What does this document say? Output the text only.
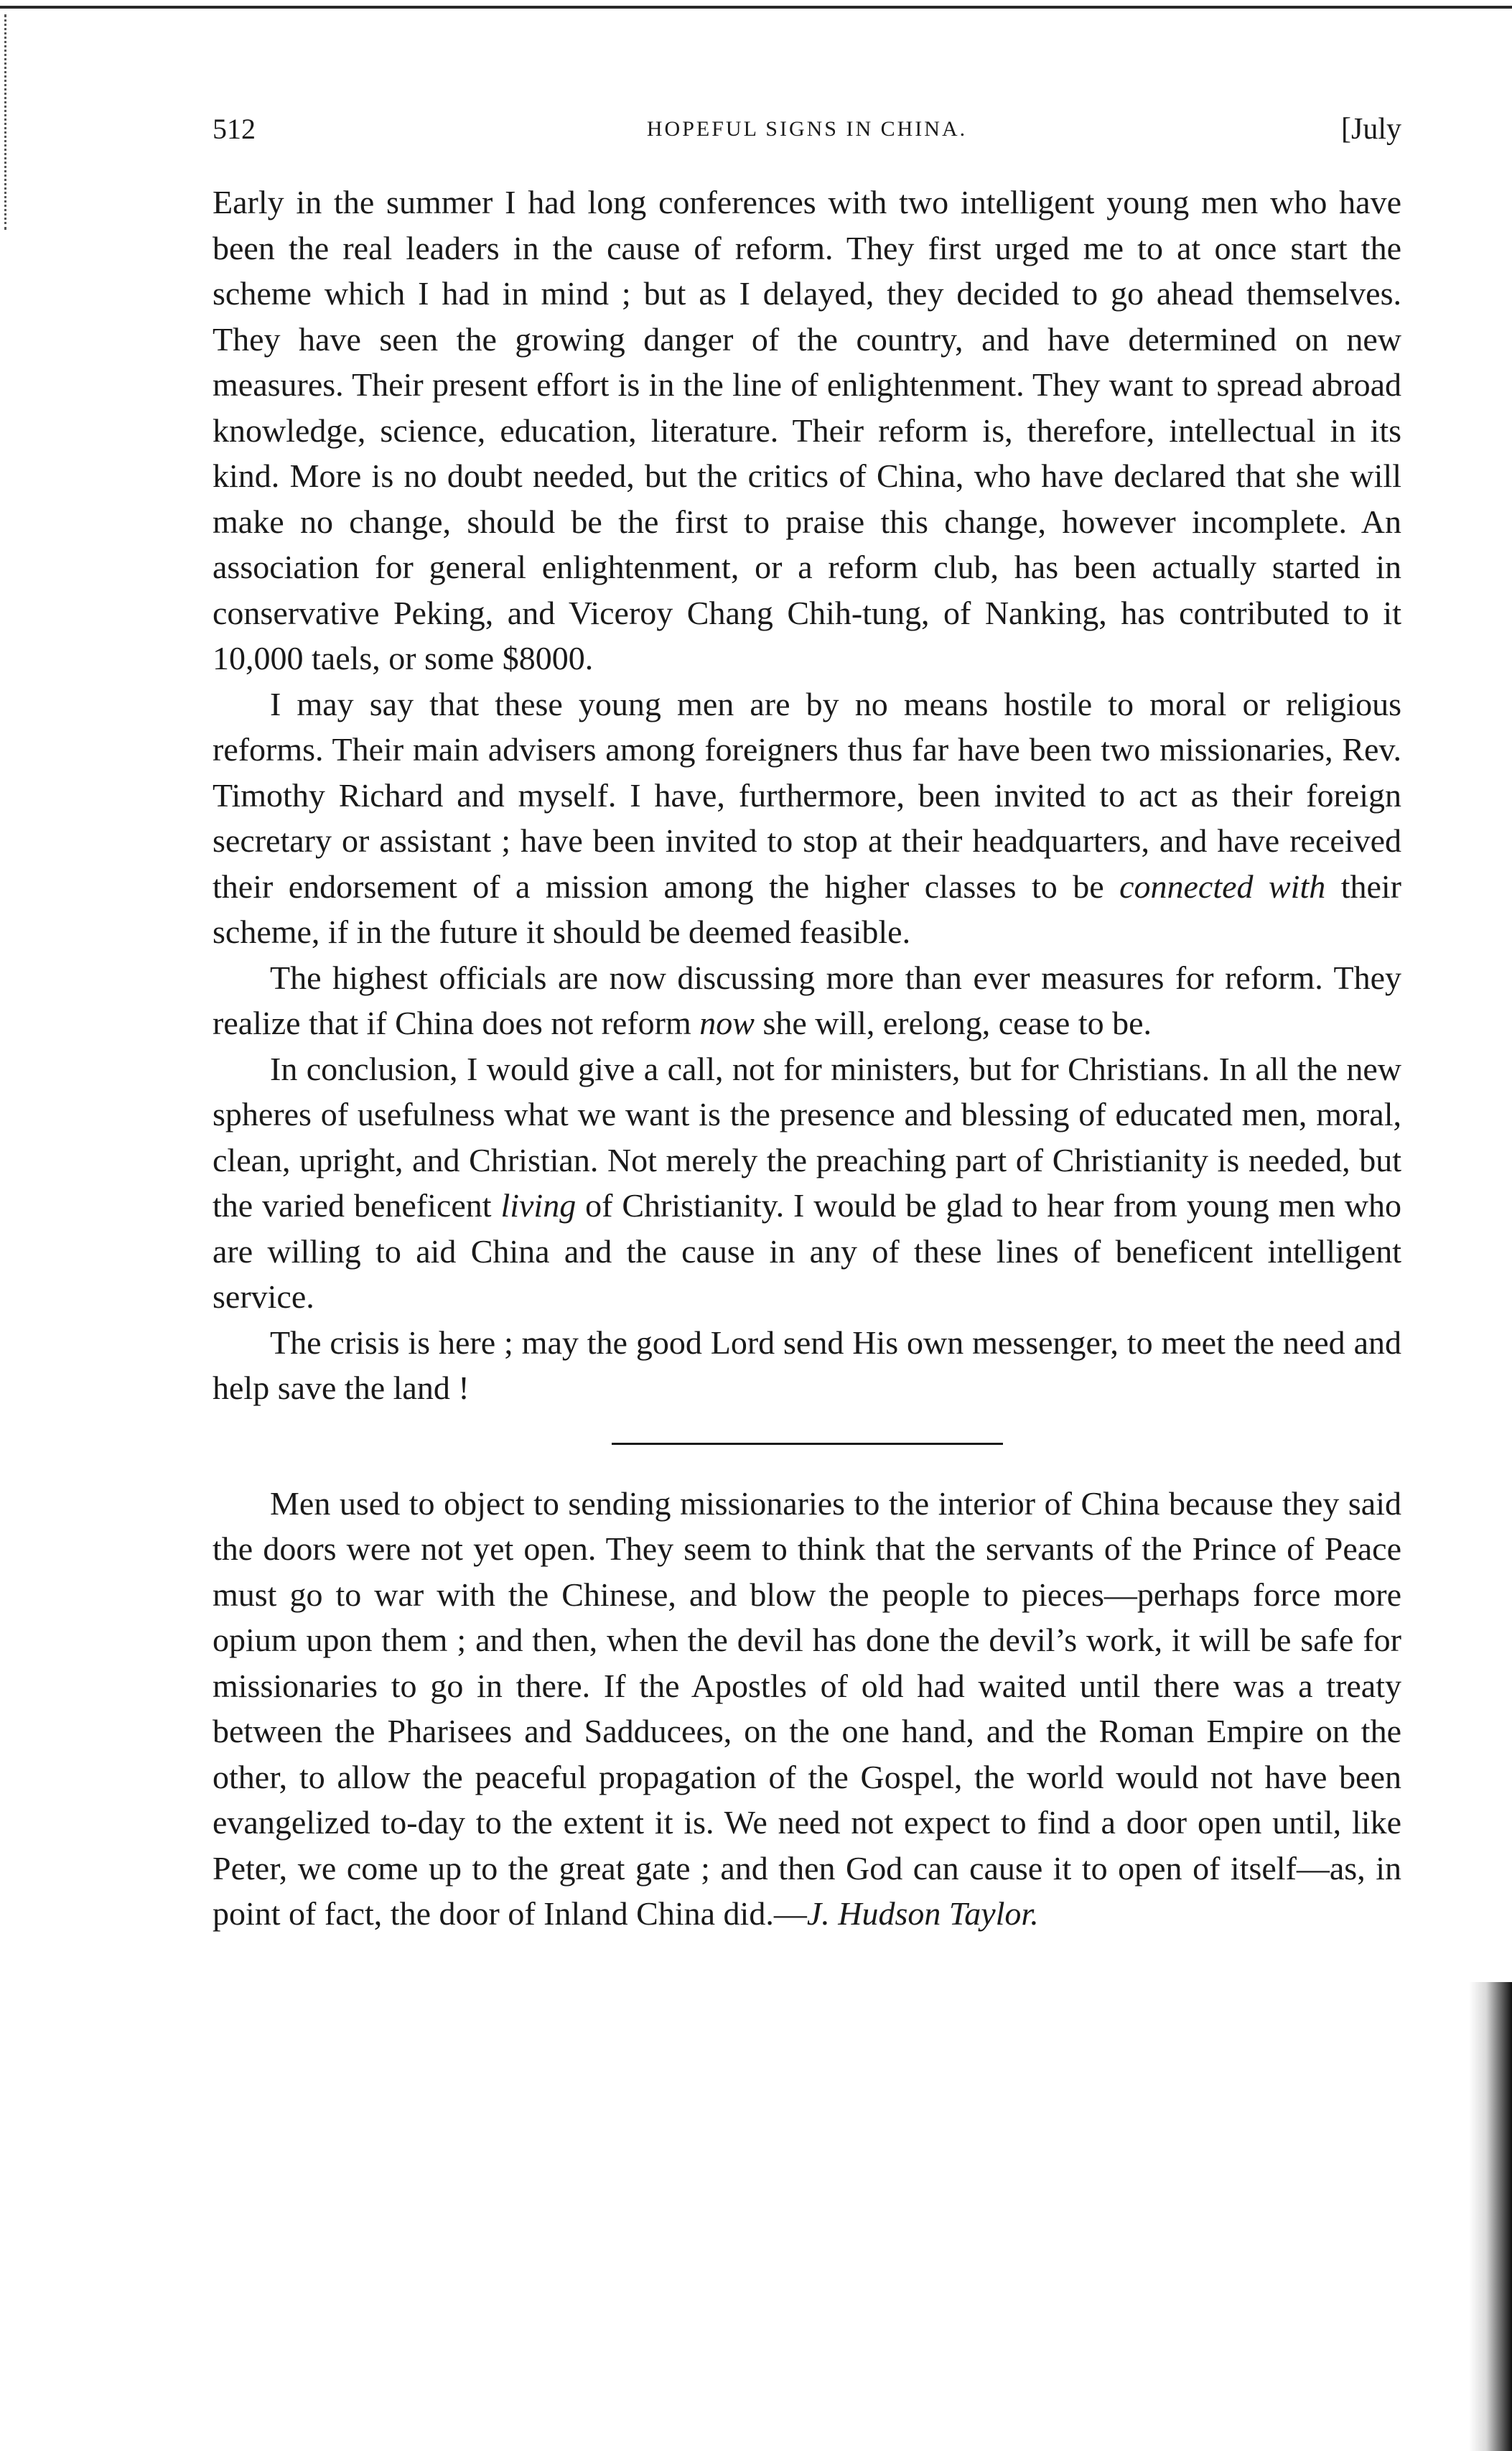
512	HOPEFUL SIGNS IN CHINA.	[July

Early in the summer I had long conferences with two intelligent young men who have been the real leaders in the cause of reform. They first urged me to at once start the scheme which I had in mind ; but as I delayed, they decided to go ahead themselves. They have seen the growing danger of the country, and have determined on new measures. Their present effort is in the line of enlightenment. They want to spread abroad knowledge, science, education, literature. Their reform is, therefore, intellectual in its kind. More is no doubt needed, but the critics of China, who have declared that she will make no change, should be the first to praise this change, however incomplete. An association for general enlightenment, or a reform club, has been actually started in conservative Peking, and Viceroy Chang Chih-tung, of Nanking, has contributed to it 10,000 taels, or some $8000.

I may say that these young men are by no means hostile to moral or religious reforms. Their main advisers among foreigners thus far have been two missionaries, Rev. Timothy Richard and myself. I have, furthermore, been invited to act as their foreign secretary or assistant ; have been invited to stop at their headquarters, and have received their endorsement of a mission among the higher classes to be connected with their scheme, if in the future it should be deemed feasible.

The highest officials are now discussing more than ever measures for reform. They realize that if China does not reform now she will, erelong, cease to be.

In conclusion, I would give a call, not for ministers, but for Christians. In all the new spheres of usefulness what we want is the presence and blessing of educated men, moral, clean, upright, and Christian. Not merely the preaching part of Christianity is needed, but the varied beneficent living of Christianity. I would be glad to hear from young men who are willing to aid China and the cause in any of these lines of beneficent intelligent service.

The crisis is here ; may the good Lord send His own messenger, to meet the need and help save the land !

Men used to object to sending missionaries to the interior of China because they said the doors were not yet open. They seem to think that the servants of the Prince of Peace must go to war with the Chinese, and blow the people to pieces—perhaps force more opium upon them ; and then, when the devil has done the devil’s work, it will be safe for missionaries to go in there. If the Apostles of old had waited until there was a treaty between the Pharisees and Sadducees, on the one hand, and the Roman Empire on the other, to allow the peaceful propagation of the Gospel, the world would not have been evangelized to-day to the extent it is. We need not expect to find a door open until, like Peter, we come up to the great gate ; and then God can cause it to open of itself—as, in point of fact, the door of Inland China did.—J. Hudson Taylor.
